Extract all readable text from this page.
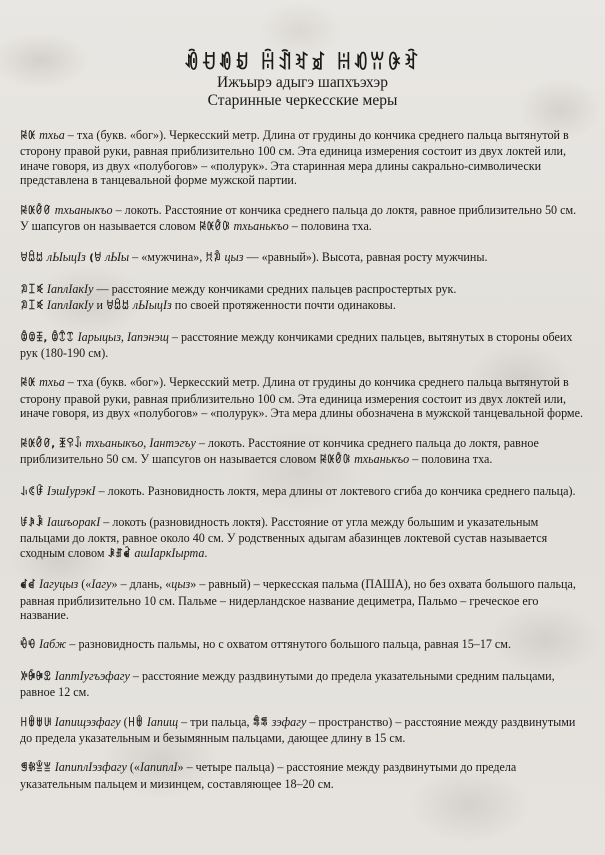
ꀐꀀꀑꀂ ꀌꀉꀔꀃ ꀍꀒꀕꀖꀓ
Ижъырэ адыгэ шапхъэхэр
Старинные черкесские меры

ꀙꀚ тхьа – тха (букв. «бог»). Черкесский метр. Длина от грудины до кончика среднего пальца вытянутой в сторону правой руки, равная приблизительно 100 см. Эта единица измерения состоит из двух локтей или, иначе говоря, из двух «полубогов» – «полурук». Эта старинная мера длины сакрально-символически представлена в танцевальной форме мужской партии.

ꀙꀚꀛꀜ тхьаныкъо – локоть. Расстояние от кончика среднего пальца до локтя, равное приблизительно 50 см. У шапсугов он называется словом ꀙꀚꀛꀝ тхьанькъо – половина тха.

ꀞꀟꀠ лЫыцIз (ꀞ лЫы – «мужчина», ꀡꀢ цыз — «равный»). Высота, равная росту мужчины.

ꀣꀤꀥ IаплIакIу — расстояние между кончиками средних пальцев распростертых рук.

ꀣꀤꀥ IаплIакIу и ꀞꀟꀠ лЫыцIз по своей протяженности почти одинаковы.

ꀦꀧꀨ, ꀦꀩꀪ Iарыцыз, Iапэнэщ – расстояние между кончиками средних пальцев, вытянутых в стороны обеих рук (180-190 см).

ꀙꀚ тхьа – тха (букв. «бог»). Черкесский метр. Длина от грудины до кончика среднего пальца вытянутой в сторону правой руки, равная приблизительно 100 см. Эта единица измерения состоит из двух локтей или, иначе говоря, из двух «полубогов» – «полурук». Эта мера длины обозначена в мужской танцевальной форме.

ꀙꀚꀛꀜ, ꀫꀬꀭ тхьаныкъо, Iантэгъу – локоть. Расстояние от кончика среднего пальца до локтя, равное приблизительно 50 см. У шапсугов он называется словом ꀙꀚꀛꀝ тхьанькъо – половина тха.

ꀮꀯꀰ IэшIурэкI – локоть. Разновидность локтя, мера длины от локтевого сгиба до кончика среднего пальца).

ꀱꀲꀳ IашъоракI – локоть (разновидность локтя). Расстояние от угла между большим и указательным пальцами до локтя, равное около 40 см. У родственных адыгам абазинцев локтевой сустав называется сходным словом ꀴꀵꀶ ашIаркIырта.

ꀷꀸ Iагуцыз («Iагу» – длань, «цыз» – равный) – черкесская пальма (ПАШA), но без охвата большого пальца, равная приблизительно 10 см. Пальме – нидерландское название дециметра, Пальмо – греческое его название.

ꀹꀺ Iабж – разновидность пальмы, но с охватом оттянутого большого пальца, равная 15–17 см.

ꀻꀼꀽꀾ IаптIугъэфагу – расстояние между раздвинутыми до предела указательными средним пальцами, равное 12 см.

ꀿꁀꁁꁂ Iапищэзфагу (ꀿꁀ Iапищ – три пальца, ꁃꁄ зэфагу – пространство) – расстояние между раздвинутыми до предела указательным и безымянным пальцами, дающее длину в 15 см.

ꁅꁆꁇꁈ IапиплIэзфагу («IапиплI» – четыре пальца) – расстояние между раздвинутыми до предела указательным пальцем и мизинцем, составляющее 18–20 см.
